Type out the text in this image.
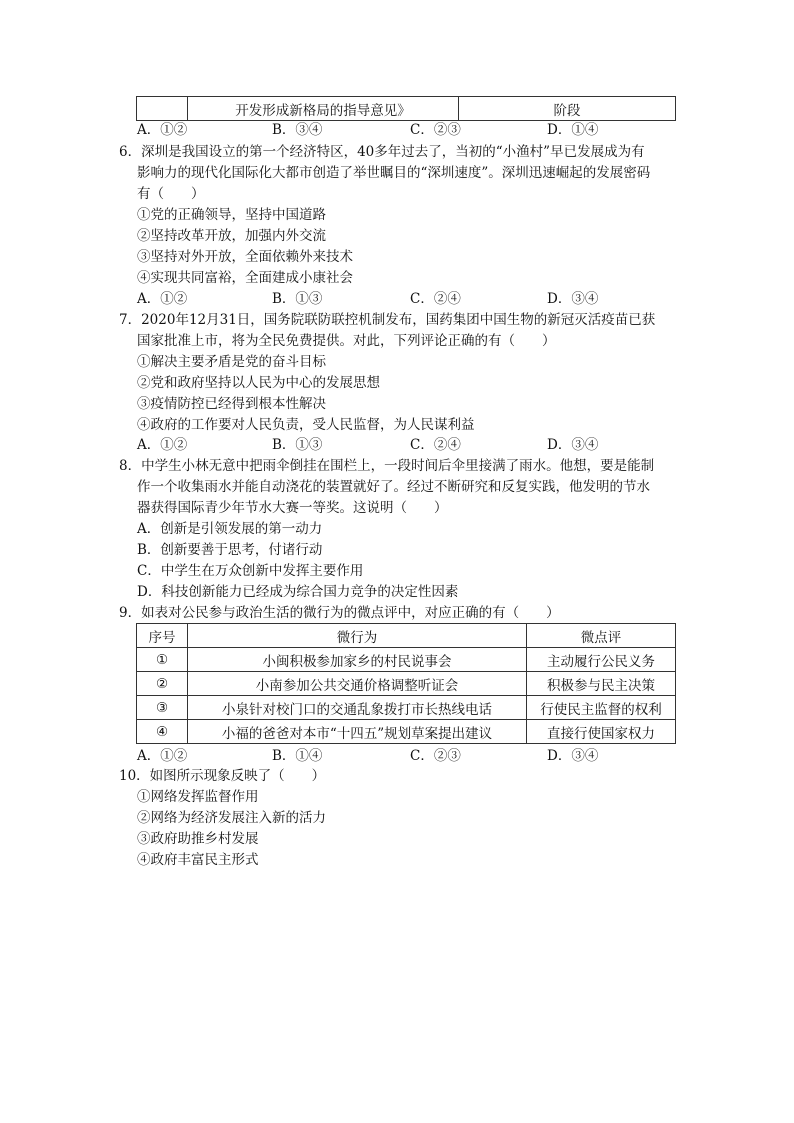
	开发形成新格局的指导意见》	阶段
A．①②	B．③④	C．②③	D．①④
6．深圳是我国设立的第一个经济特区，40多年过去了，当初的“小渔村”早已发展成为有
影响力的现代化国际化大都市创造了举世瞩目的“深圳速度”。深圳迅速崛起的发展密码
有（　　）
①党的正确领导，坚持中国道路
②坚持改革开放，加强内外交流
③坚持对外开放，全面依赖外来技术
④实现共同富裕，全面建成小康社会
A．①②	B．①③	C．②④	D．③④
7．2020年12月31日，国务院联防联控机制发布，国药集团中国生物的新冠灭活疫苗已获
国家批准上市，将为全民免费提供。对此，下列评论正确的有（　　）
①解决主要矛盾是党的奋斗目标
②党和政府坚持以人民为中心的发展思想
③疫情防控已经得到根本性解决
④政府的工作要对人民负责，受人民监督，为人民谋利益
A．①②	B．①③	C．②④	D．③④
8．中学生小林无意中把雨伞倒挂在围栏上，一段时间后伞里接满了雨水。他想，要是能制
作一个收集雨水并能自动浇花的装置就好了。经过不断研究和反复实践，他发明的节水
器获得国际青少年节水大赛一等奖。这说明（　　）
A．创新是引领发展的第一动力
B．创新要善于思考，付诸行动
C．中学生在万众创新中发挥主要作用
D．科技创新能力已经成为综合国力竞争的决定性因素
9．如表对公民参与政治生活的微行为的微点评中，对应正确的有（　　）
序号	微行为	微点评
①	小闽积极参加家乡的村民说事会	主动履行公民义务
②	小南参加公共交通价格调整听证会	积极参与民主决策
③	小泉针对校门口的交通乱象拨打市长热线电话	行使民主监督的权利
④	小福的爸爸对本市“十四五”规划草案提出建议	直接行使国家权力
A．①②	B．①④	C．②③	D．③④
10．如图所示现象反映了（　　）
①网络发挥监督作用
②网络为经济发展注入新的活力
③政府助推乡村发展
④政府丰富民主形式
